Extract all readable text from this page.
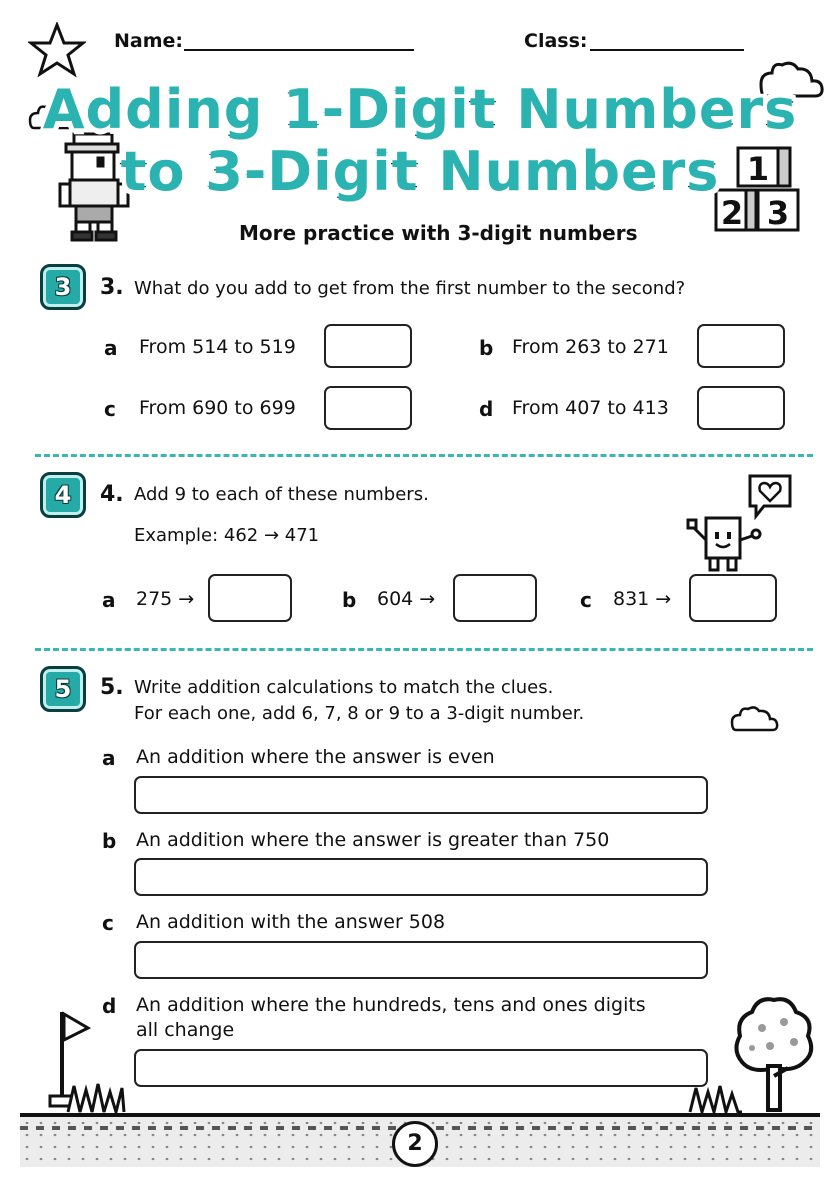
1
2 3
Name:	Class:
Adding 1-Digit Numbers
to 3-Digit Numbers
More practice with 3-digit numbers
3	3. What do you add to get from the first number to the second?
a From 514 to 519	b From 263 to 271
c From 690 to 699	d From 407 to 413
4	4. Add 9 to each of these numbers.
Example: 462 → 471
a 275 →	b 604 →	c 831 →
5	5. Write addition calculations to match the clues.
For each one, add 6, 7, 8 or 9 to a 3-digit number.
a An addition where the answer is even
b An addition where the answer is greater than 750
c An addition with the answer 508
d An addition where the hundreds, tens and ones digits
all change
2
